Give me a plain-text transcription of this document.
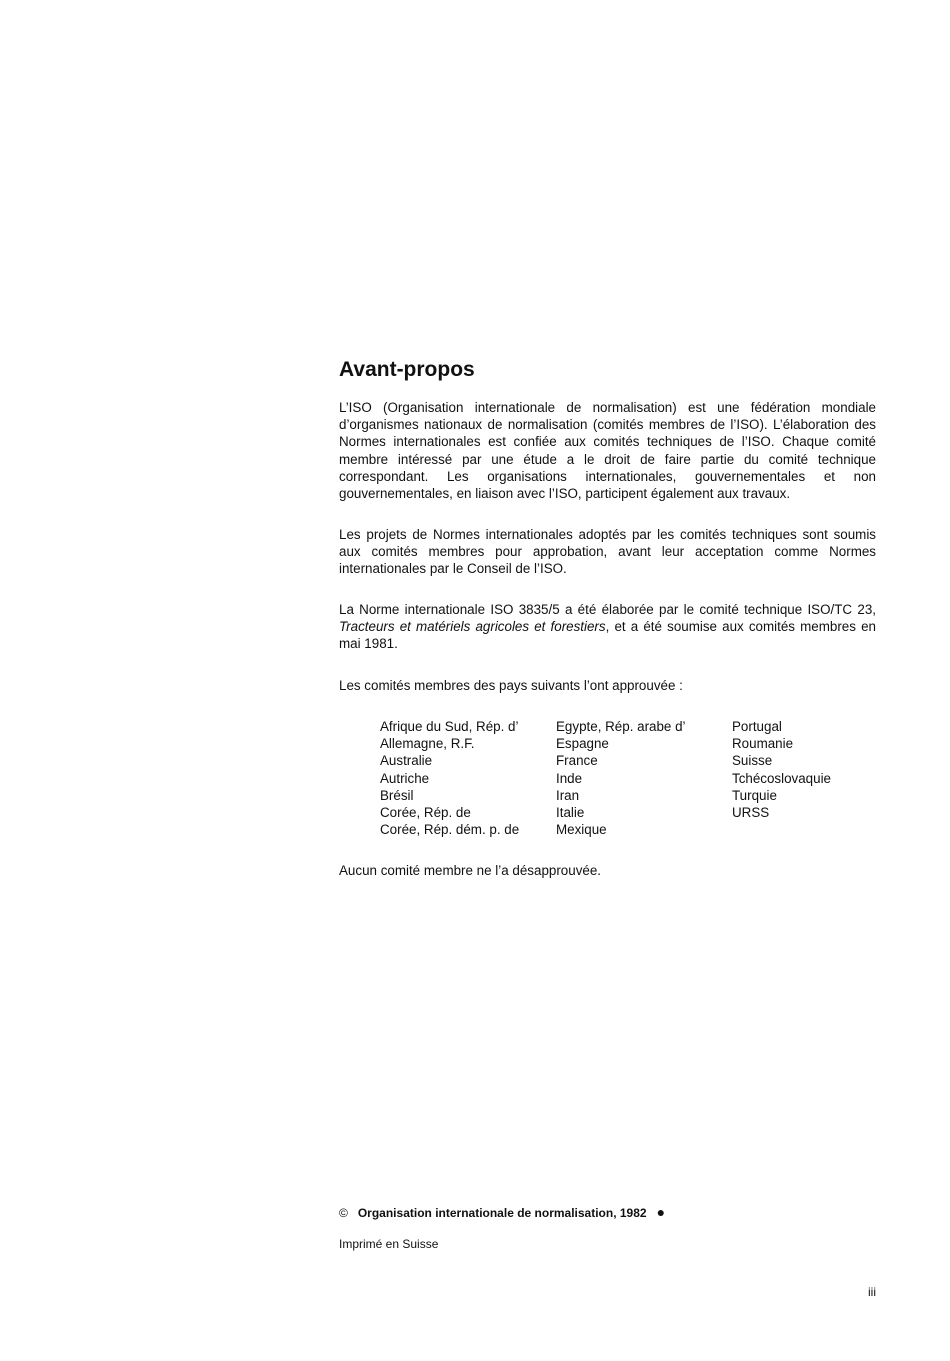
Avant-propos

L’ISO (Organisation internationale de normalisation) est une fédération mondiale d’organismes nationaux de normalisation (comités membres de l’ISO). L’élaboration des Normes internationales est confiée aux comités techniques de l’ISO. Chaque comité membre intéressé par une étude a le droit de faire partie du comité technique correspondant. Les organisations internationales, gouvernementales et non gouvernementales, en liaison avec l’ISO, participent également aux travaux.

Les projets de Normes internationales adoptés par les comités techniques sont soumis aux comités membres pour approbation, avant leur acceptation comme Normes internationales par le Conseil de l’ISO.

La Norme internationale ISO 3835/5 a été élaborée par le comité technique ISO/TC 23, Tracteurs et matériels agricoles et forestiers, et a été soumise aux comités membres en mai 1981.

Les comités membres des pays suivants l’ont approuvée :

Afrique du Sud, Rép. d’
Allemagne, R.F.
Australie
Autriche
Brésil
Corée, Rép. de
Corée, Rép. dém. p. de
Egypte, Rép. arabe d’
Espagne
France
Inde
Iran
Italie
Mexique
Portugal
Roumanie
Suisse
Tchécoslovaquie
Turquie
URSS

Aucun comité membre ne l’a désapprouvée.

© Organisation internationale de normalisation, 1982 ●
Imprimé en Suisse
iii
